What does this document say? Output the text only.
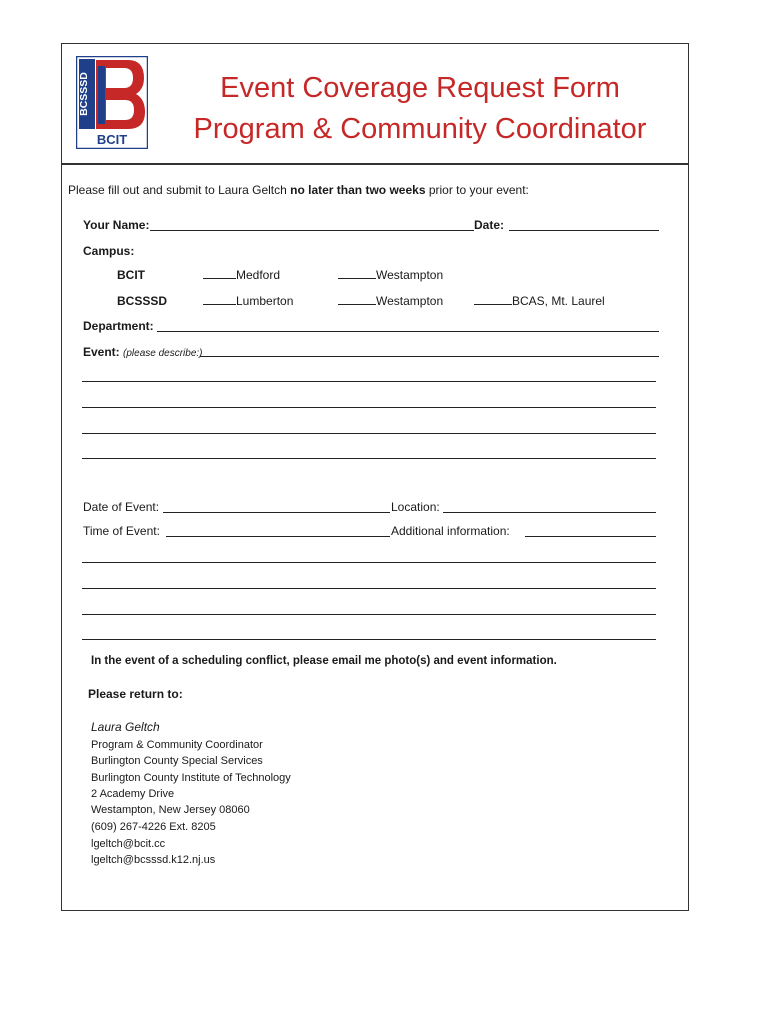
BCSSSD
BCIT
Event Coverage Request Form
Program & Community Coordinator
Please fill out and submit to Laura Geltch no later than two weeks prior to your event:
Your Name:	Date:
Campus:
BCIT	Medford	Westampton
BCSSSD	Lumberton	Westampton	BCAS, Mt. Laurel
Department:
Event: (please describe:)
Date of Event:	Location:
Time of Event:	Additional information:
In the event of a scheduling conflict, please email me photo(s) and event information.
Please return to:
Laura Geltch
Program & Community Coordinator
Burlington County Special Services
Burlington County Institute of Technology
2 Academy Drive
Westampton, New Jersey 08060
(609) 267-4226 Ext. 8205
lgeltch@bcit.cc
lgeltch@bcsssd.k12.nj.us
